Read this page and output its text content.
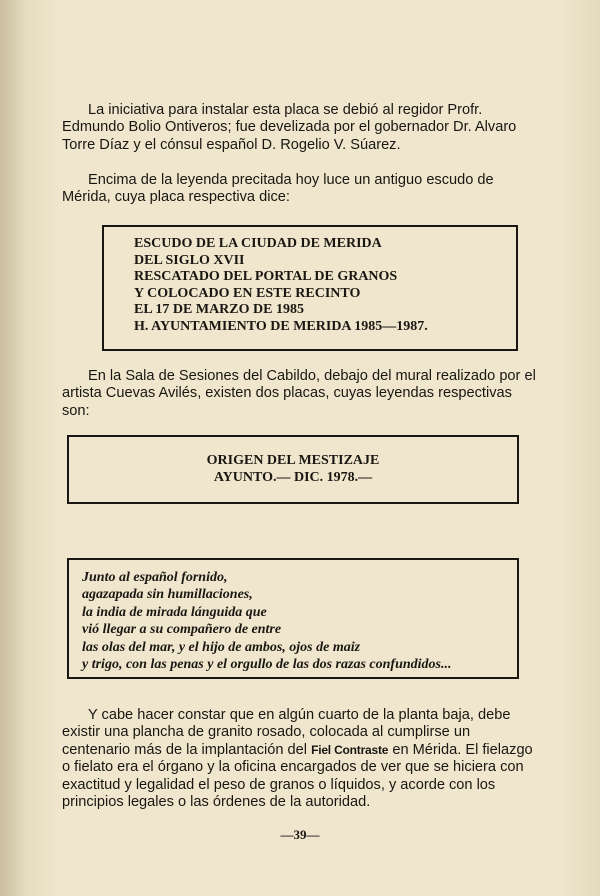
La iniciativa para instalar esta placa se debió al regidor Profr.
Edmundo Bolio Ontiveros; fue develizada por el gobernador Dr. Alvaro
Torre Díaz y el cónsul español D. Rogelio V. Súarez.
Encima de la leyenda precitada hoy luce un antiguo escudo de
Mérida, cuya placa respectiva dice:
ESCUDO DE LA CIUDAD DE MERIDA
DEL SIGLO XVII
RESCATADO DEL PORTAL DE GRANOS
Y COLOCADO EN ESTE RECINTO
EL 17 DE MARZO DE 1985
H. AYUNTAMIENTO DE MERIDA 1985—1987.
En la Sala de Sesiones del Cabildo, debajo del mural realizado por el
artista Cuevas Avilés, existen dos placas, cuyas leyendas respectivas
son:
ORIGEN DEL MESTIZAJE
AYUNTO.— DIC. 1978.—
Junto al español fornido,
agazapada sin humillaciones,
la india de mirada lánguida que
vió llegar a su compañero de entre
las olas del mar, y el hijo de ambos, ojos de maiz
y trigo, con las penas y el orgullo de las dos razas confundidos...
Y cabe hacer constar que en algún cuarto de la planta baja, debe
existir una plancha de granito rosado, colocada al cumplirse un
centenario más de la implantación del Fiel Contraste en Mérida. El fielazgo
o fielato era el órgano y la oficina encargados de ver que se hiciera con
exactitud y legalidad el peso de granos o líquidos, y acorde con los
principios legales o las órdenes de la autoridad.
—39—
